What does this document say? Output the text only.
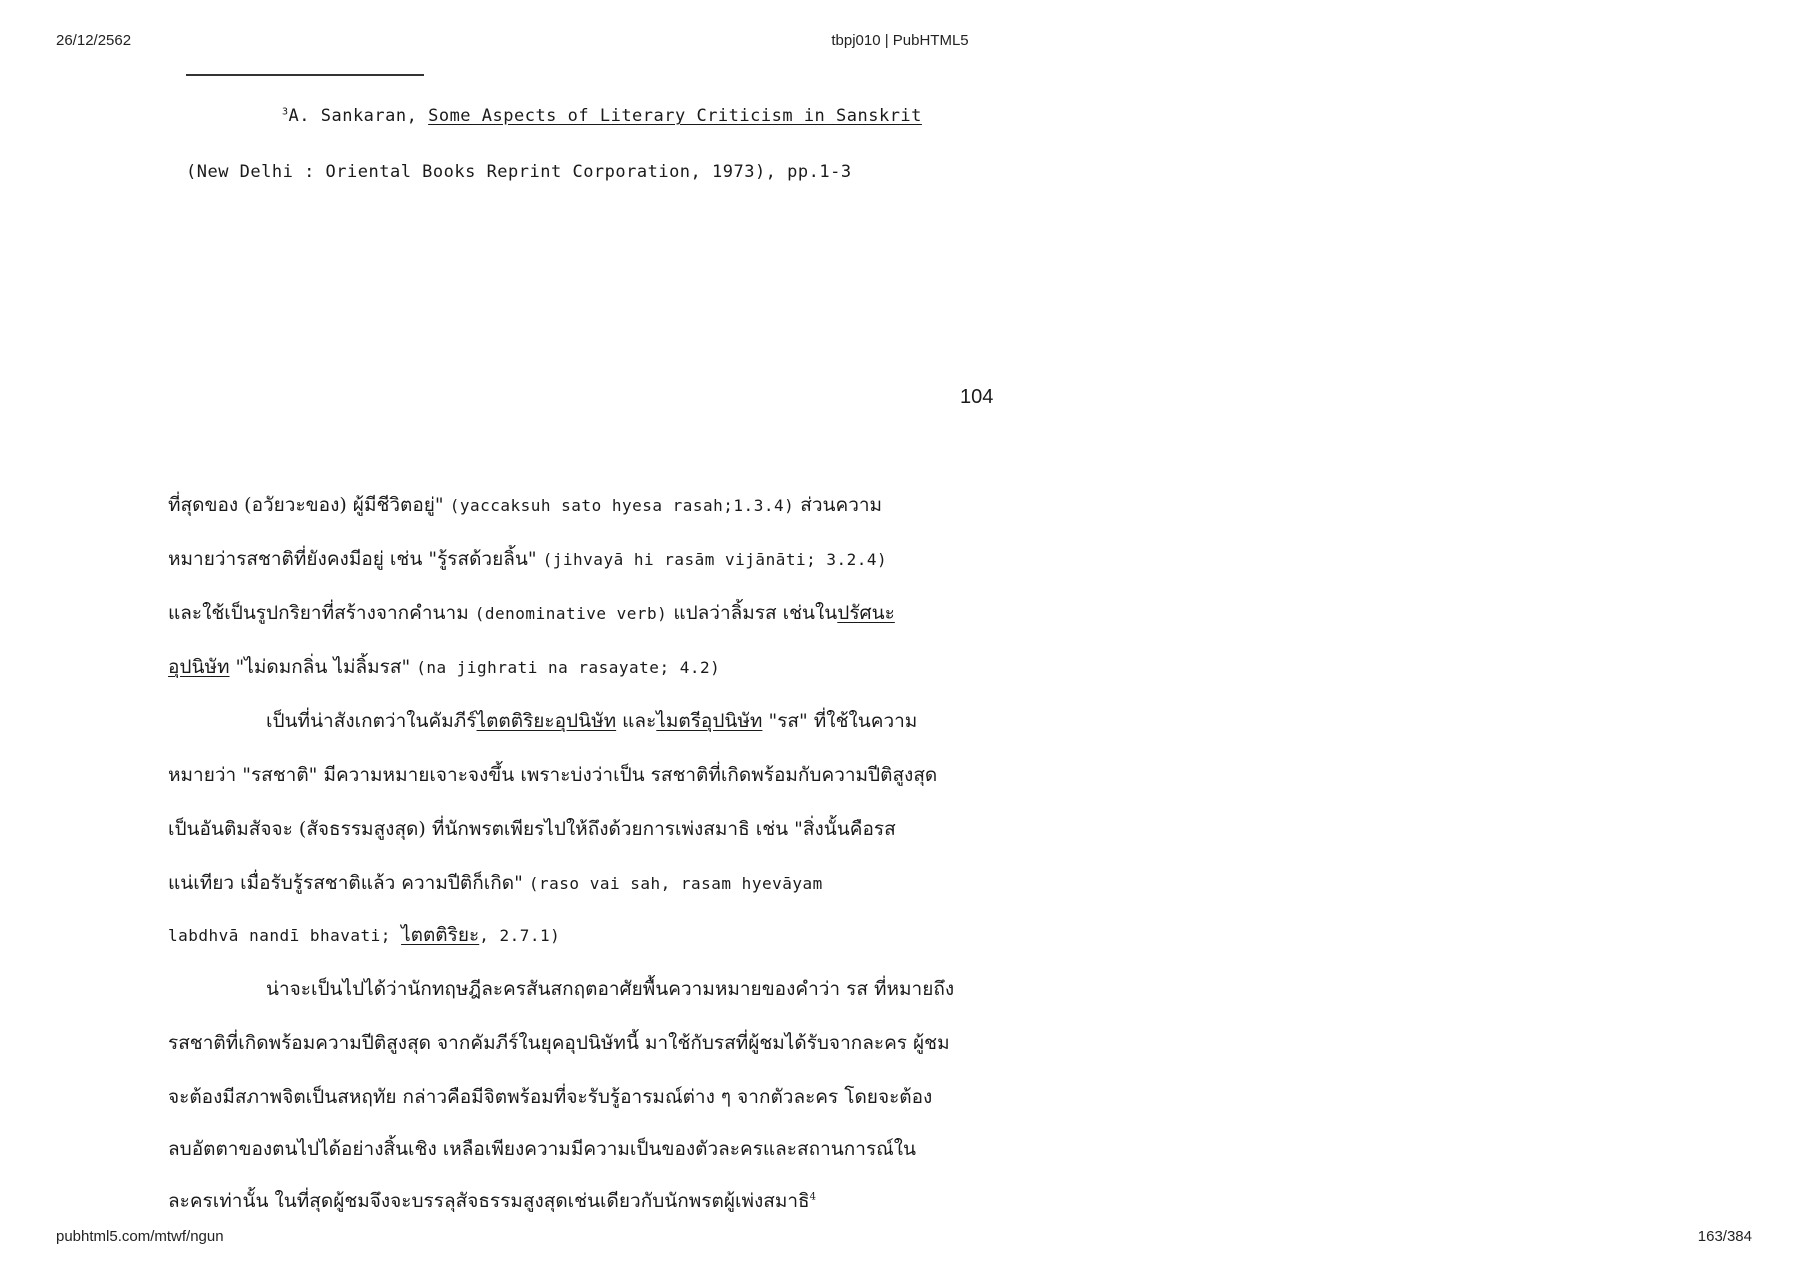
26/12/2562	tbpj010 | PubHTML5
$^3$A. Sankaran, Some Aspects of Literary Criticism in Sanskrit
(New Delhi : Oriental Books Reprint Corporation, 1973), pp.1-3
104
ที่สุดของ (อวัยวะของ) ผู้มีชีวิตอยู่" (yaccaksuh sato hyesa rasah;1.3.4) ส่วนความ
หมายว่ารสชาติที่ยังคงมีอยู่ เช่น "รู้รสด้วยลิ้น" (jihvayā hi rasām vijānāti; 3.2.4)
และใช้เป็นรูปกริยาที่สร้างจากคำนาม (denominative verb) แปลว่าลิ้มรส เช่นในปรัศนะ
อุปนิษัท "ไม่ดมกลิ่น ไม่ลิ้มรส" (na jighrati na rasayate; 4.2)
เป็นที่น่าสังเกตว่าในคัมภีร์ไตตติริยะอุปนิษัท และไมตรีอุปนิษัท "รส" ที่ใช้ในความ
หมายว่า "รสชาติ" มีความหมายเจาะจงขึ้น เพราะบ่งว่าเป็น รสชาติที่เกิดพร้อมกับความปีติสูงสุด
เป็นอันติมสัจจะ (สัจธรรมสูงสุด) ที่นักพรตเพียรไปให้ถึงด้วยการเพ่งสมาธิ เช่น "สิ่งนั้นคือรส
แน่เทียว เมื่อรับรู้รสชาติแล้ว ความปีติก็เกิด" (raso vai sah, rasam hyevāyam
labdhvā nandī bhavati; ไตตติริยะ, 2.7.1)
น่าจะเป็นไปได้ว่านักทฤษฎีละครสันสกฤตอาศัยพื้นความหมายของคำว่า รส ที่หมายถึง
รสชาติที่เกิดพร้อมความปีติสูงสุด จากคัมภีร์ในยุคอุปนิษัทนี้ มาใช้กับรสที่ผู้ชมได้รับจากละคร ผู้ชม
จะต้องมีสภาพจิตเป็นสหฤทัย กล่าวคือมีจิตพร้อมที่จะรับรู้อารมณ์ต่าง ๆ จากตัวละคร โดยจะต้อง
ลบอัตตาของตนไปได้อย่างสิ้นเชิง เหลือเพียงความมีความเป็นของตัวละครและสถานการณ์ใน
ละครเท่านั้น ในที่สุดผู้ชมจึงจะบรรลุสัจธรรมสูงสุดเช่นเดียวกับนักพรตผู้เพ่งสมาธิ$^4$
pubhtml5.com/mtwf/ngun	163/384
